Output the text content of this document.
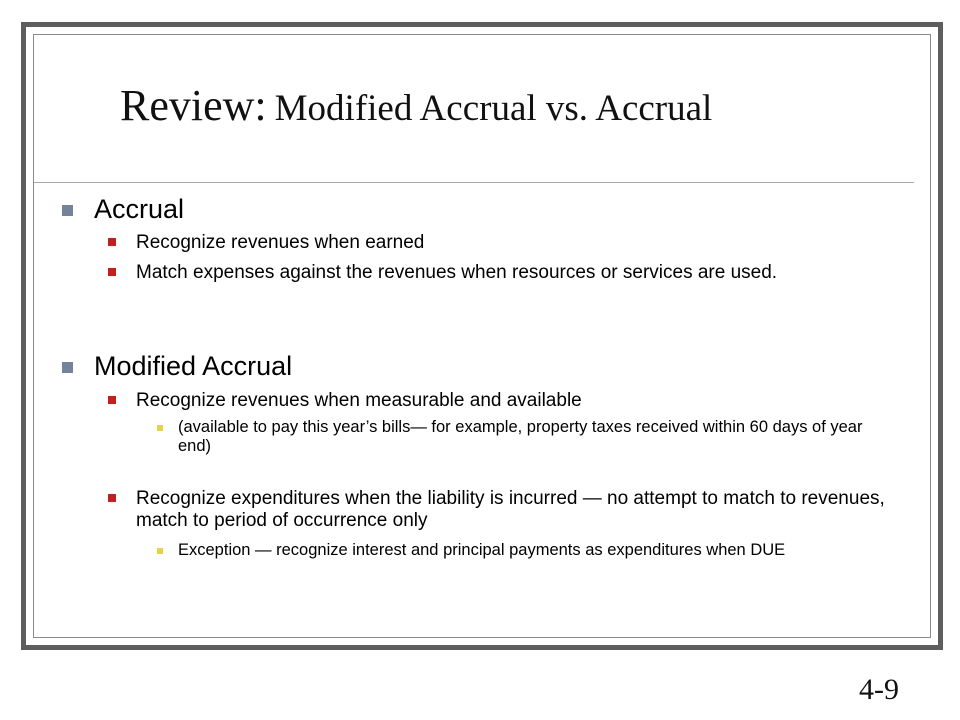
Review: Modified Accrual vs. Accrual
Accrual
Recognize revenues when earned
Match expenses against the revenues when resources or services are used.
Modified Accrual
Recognize revenues when measurable and available
(available to pay this year’s bills— for example, property taxes received within 60 days of year end)
Recognize expenditures when the liability is incurred — no attempt to match to revenues, match to period of occurrence only
Exception — recognize interest and principal payments as expenditures when DUE
4-9
